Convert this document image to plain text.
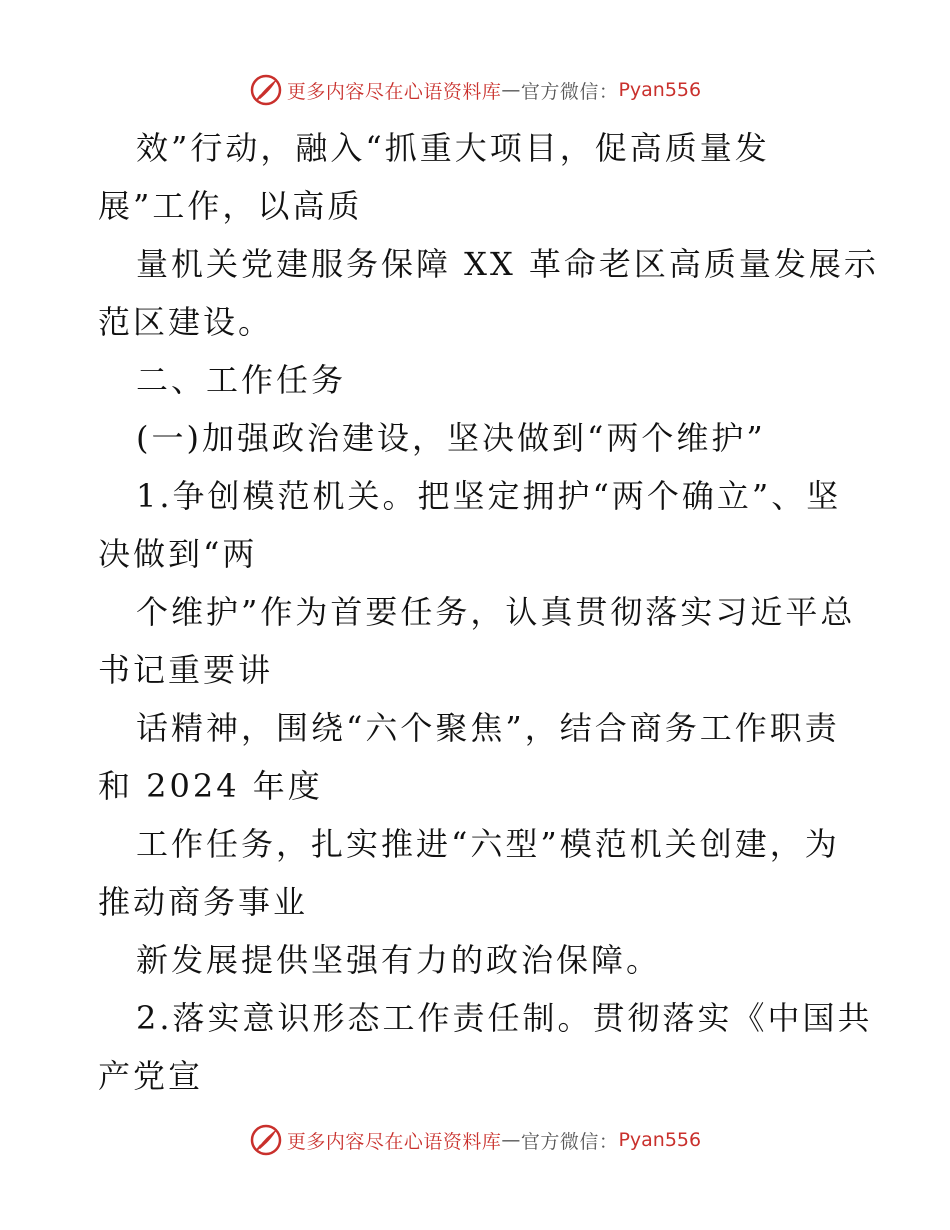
更多内容尽在心语资料库 — 官方微信： Pyan556
效”行动，融入“抓重大项目，促高质量发
展”工作，以高质
量机关党建服务保障 XX 革命老区高质量发展示
范区建设。
二、工作任务
(一)加强政治建设，坚决做到“两个维护”
1.争创模范机关。把坚定拥护“两个确立”、坚
决做到“两
个维护”作为首要任务，认真贯彻落实习近平总
书记重要讲
话精神，围绕“六个聚焦”，结合商务工作职责
和 2024 年度
工作任务，扎实推进“六型”模范机关创建，为
推动商务事业
新发展提供坚强有力的政治保障。
2.落实意识形态工作责任制。贯彻落实《中国共
产党宣
更多内容尽在心语资料库 — 官方微信： Pyan556
